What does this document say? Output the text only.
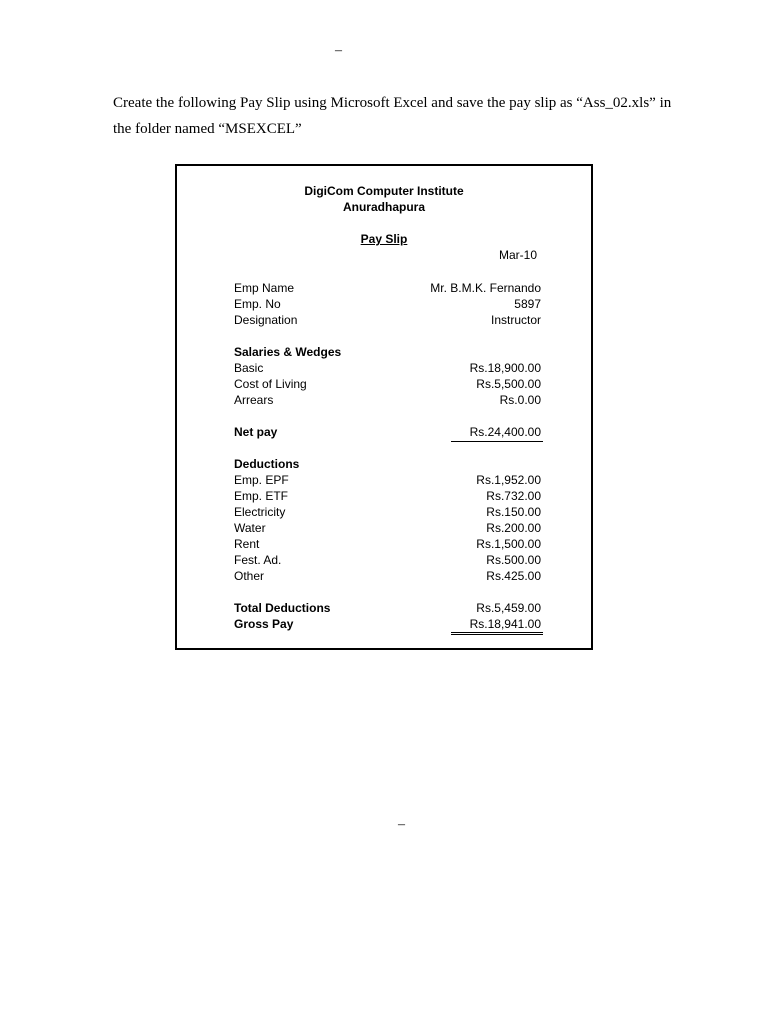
–

Create the following Pay Slip using Microsoft Excel and save the pay slip as “Ass_02.xls” in the folder named “MSEXCEL”

DigiCom Computer Institute
Anuradhapura
Pay Slip
Mar-10
Emp Name	Mr. B.M.K. Fernando
Emp. No	5897
Designation	Instructor
Salaries & Wedges
Basic	Rs.18,900.00
Cost of Living	Rs.5,500.00
Arrears	Rs.0.00
Net pay	Rs.24,400.00
Deductions
Emp. EPF	Rs.1,952.00
Emp. ETF	Rs.732.00
Electricity	Rs.150.00
Water	Rs.200.00
Rent	Rs.1,500.00
Fest. Ad.	Rs.500.00
Other	Rs.425.00
Total Deductions	Rs.5,459.00
Gross Pay	Rs.18,941.00
–
